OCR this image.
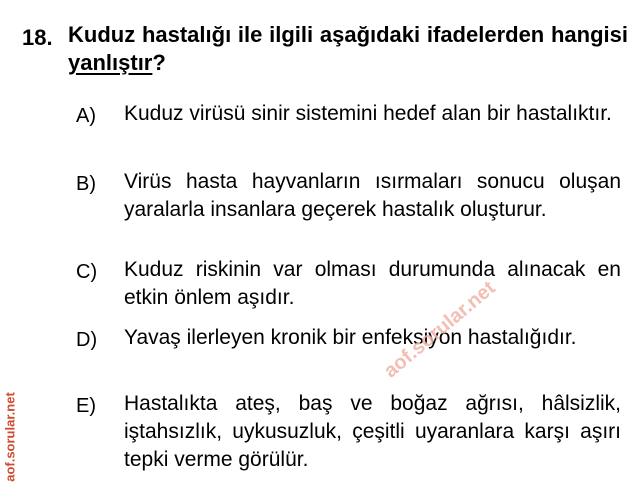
18. Kuduz hastalığı ile ilgili aşağıdaki ifadelerden hangisi yanlıştır?
A) Kuduz virüsü sinir sistemini hedef alan bir hastalıktır.
B) Virüs hasta hayvanların ısırmaları sonucu oluşan yaralarla insanlara geçerek hastalık oluşturur.
C) Kuduz riskinin var olması durumunda alınacak en etkin önlem aşıdır.
D) Yavaş ilerleyen kronik bir enfeksiyon hastalığıdır.
E) Hastalıkta ateş, baş ve boğaz ağrısı, hâlsizlik, iştahsızlık, uykusuzluk, çeşitli uyaranlara karşı aşırı tepki verme görülür.
aof.sorular.net
aof.sorular.net
